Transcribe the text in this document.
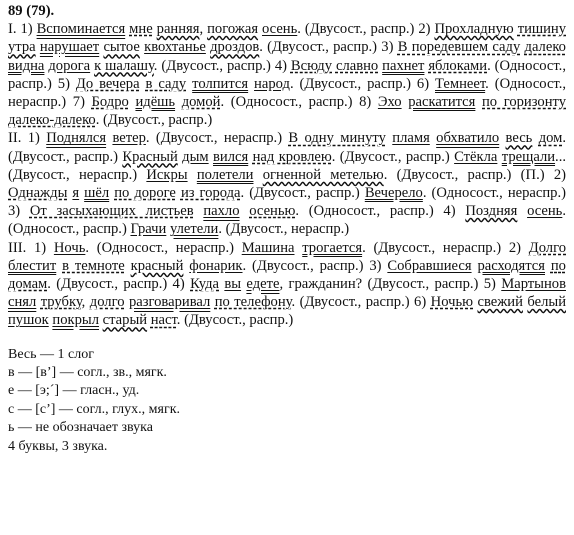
89 (79).

I. 1) Вспоминается мне ранняя, погожая осень. (Двусост., распр.) 2) Прохладную тишину утра нарушает сытое квохтанье дроздов. (Двусост., распр.) 3) В поредевшем саду далеко видна дорога к шалашу. (Двусост., распр.) 4) Всюду славно пахнет яблоками. (Односост., распр.) 5) До вечера в саду толпится народ. (Двусост., распр.) 6) Темнеет. (Односост., нераспр.) 7) Бодро идёшь домой. (Односост., распр.) 8) Эхо раскатится по горизонту далеко-далеко. (Двусост., распр.)

II. 1) Поднялся ветер. (Двусост., нераспр.) В одну минуту пламя обхватило весь дом. (Двусост., распр.) Красный дым вился над кровлею. (Двусост., распр.) Стёкла трещали... (Двусост., нераспр.) Искры полетели огненной метелью. (Двусост., распр.) (П.) 2) Однажды я шёл по дороге из города. (Двусост., распр.) Вечерело. (Односост., нераспр.) 3) От засыхающих листьев пахло осенью. (Односост., распр.) 4) Поздняя осень. (Односост., распр.) Грачи улетели. (Двусост., нераспр.)

III. 1) Ночь. (Односост., нераспр.) Машина трогается. (Двусост., нераспр.) 2) Долго блестит в темноте красный фонарик. (Двусост., распр.) 3) Собравшиеся расходятся по домам. (Двусост., распр.) 4) Куда вы едете, гражданин? (Двусост., распр.) 5) Мартынов снял трубку, долго разговаривал по телефону. (Двусост., распр.) 6) Ночью свежий белый пушок покрыл старый наст. (Двусост., распр.)

Весь — 1 слог
в — [в’] — согл., зв., мягк.
е — [э;´] — гласн., уд.
с — [с’] — согл., глух., мягк.
ь — не обозначает звука
4 буквы, 3 звука.
